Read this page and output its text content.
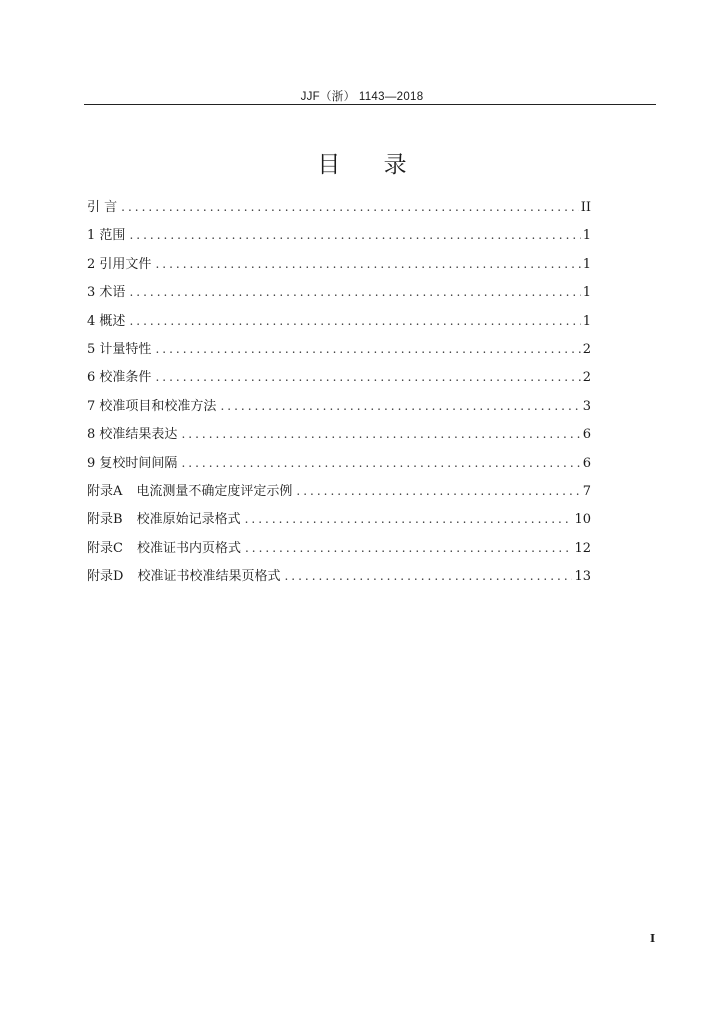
JJF（浙） 1143—2018
目 录
引 言 .....	II
1 范围 .....	1
2 引用文件 .....	1
3 术语 .....	1
4 概述 .....	1
5 计量特性 .....	2
6 校准条件 .....	2
7 校准项目和校准方法 .....	3
8 校准结果表达 .....	6
9 复校时间间隔 .....	6
附录A 电流测量不确定度评定示例 .....	7
附录B 校准原始记录格式 .....	10
附录C 校准证书内页格式 .....	12
附录D 校准证书校准结果页格式 .....	13
I
